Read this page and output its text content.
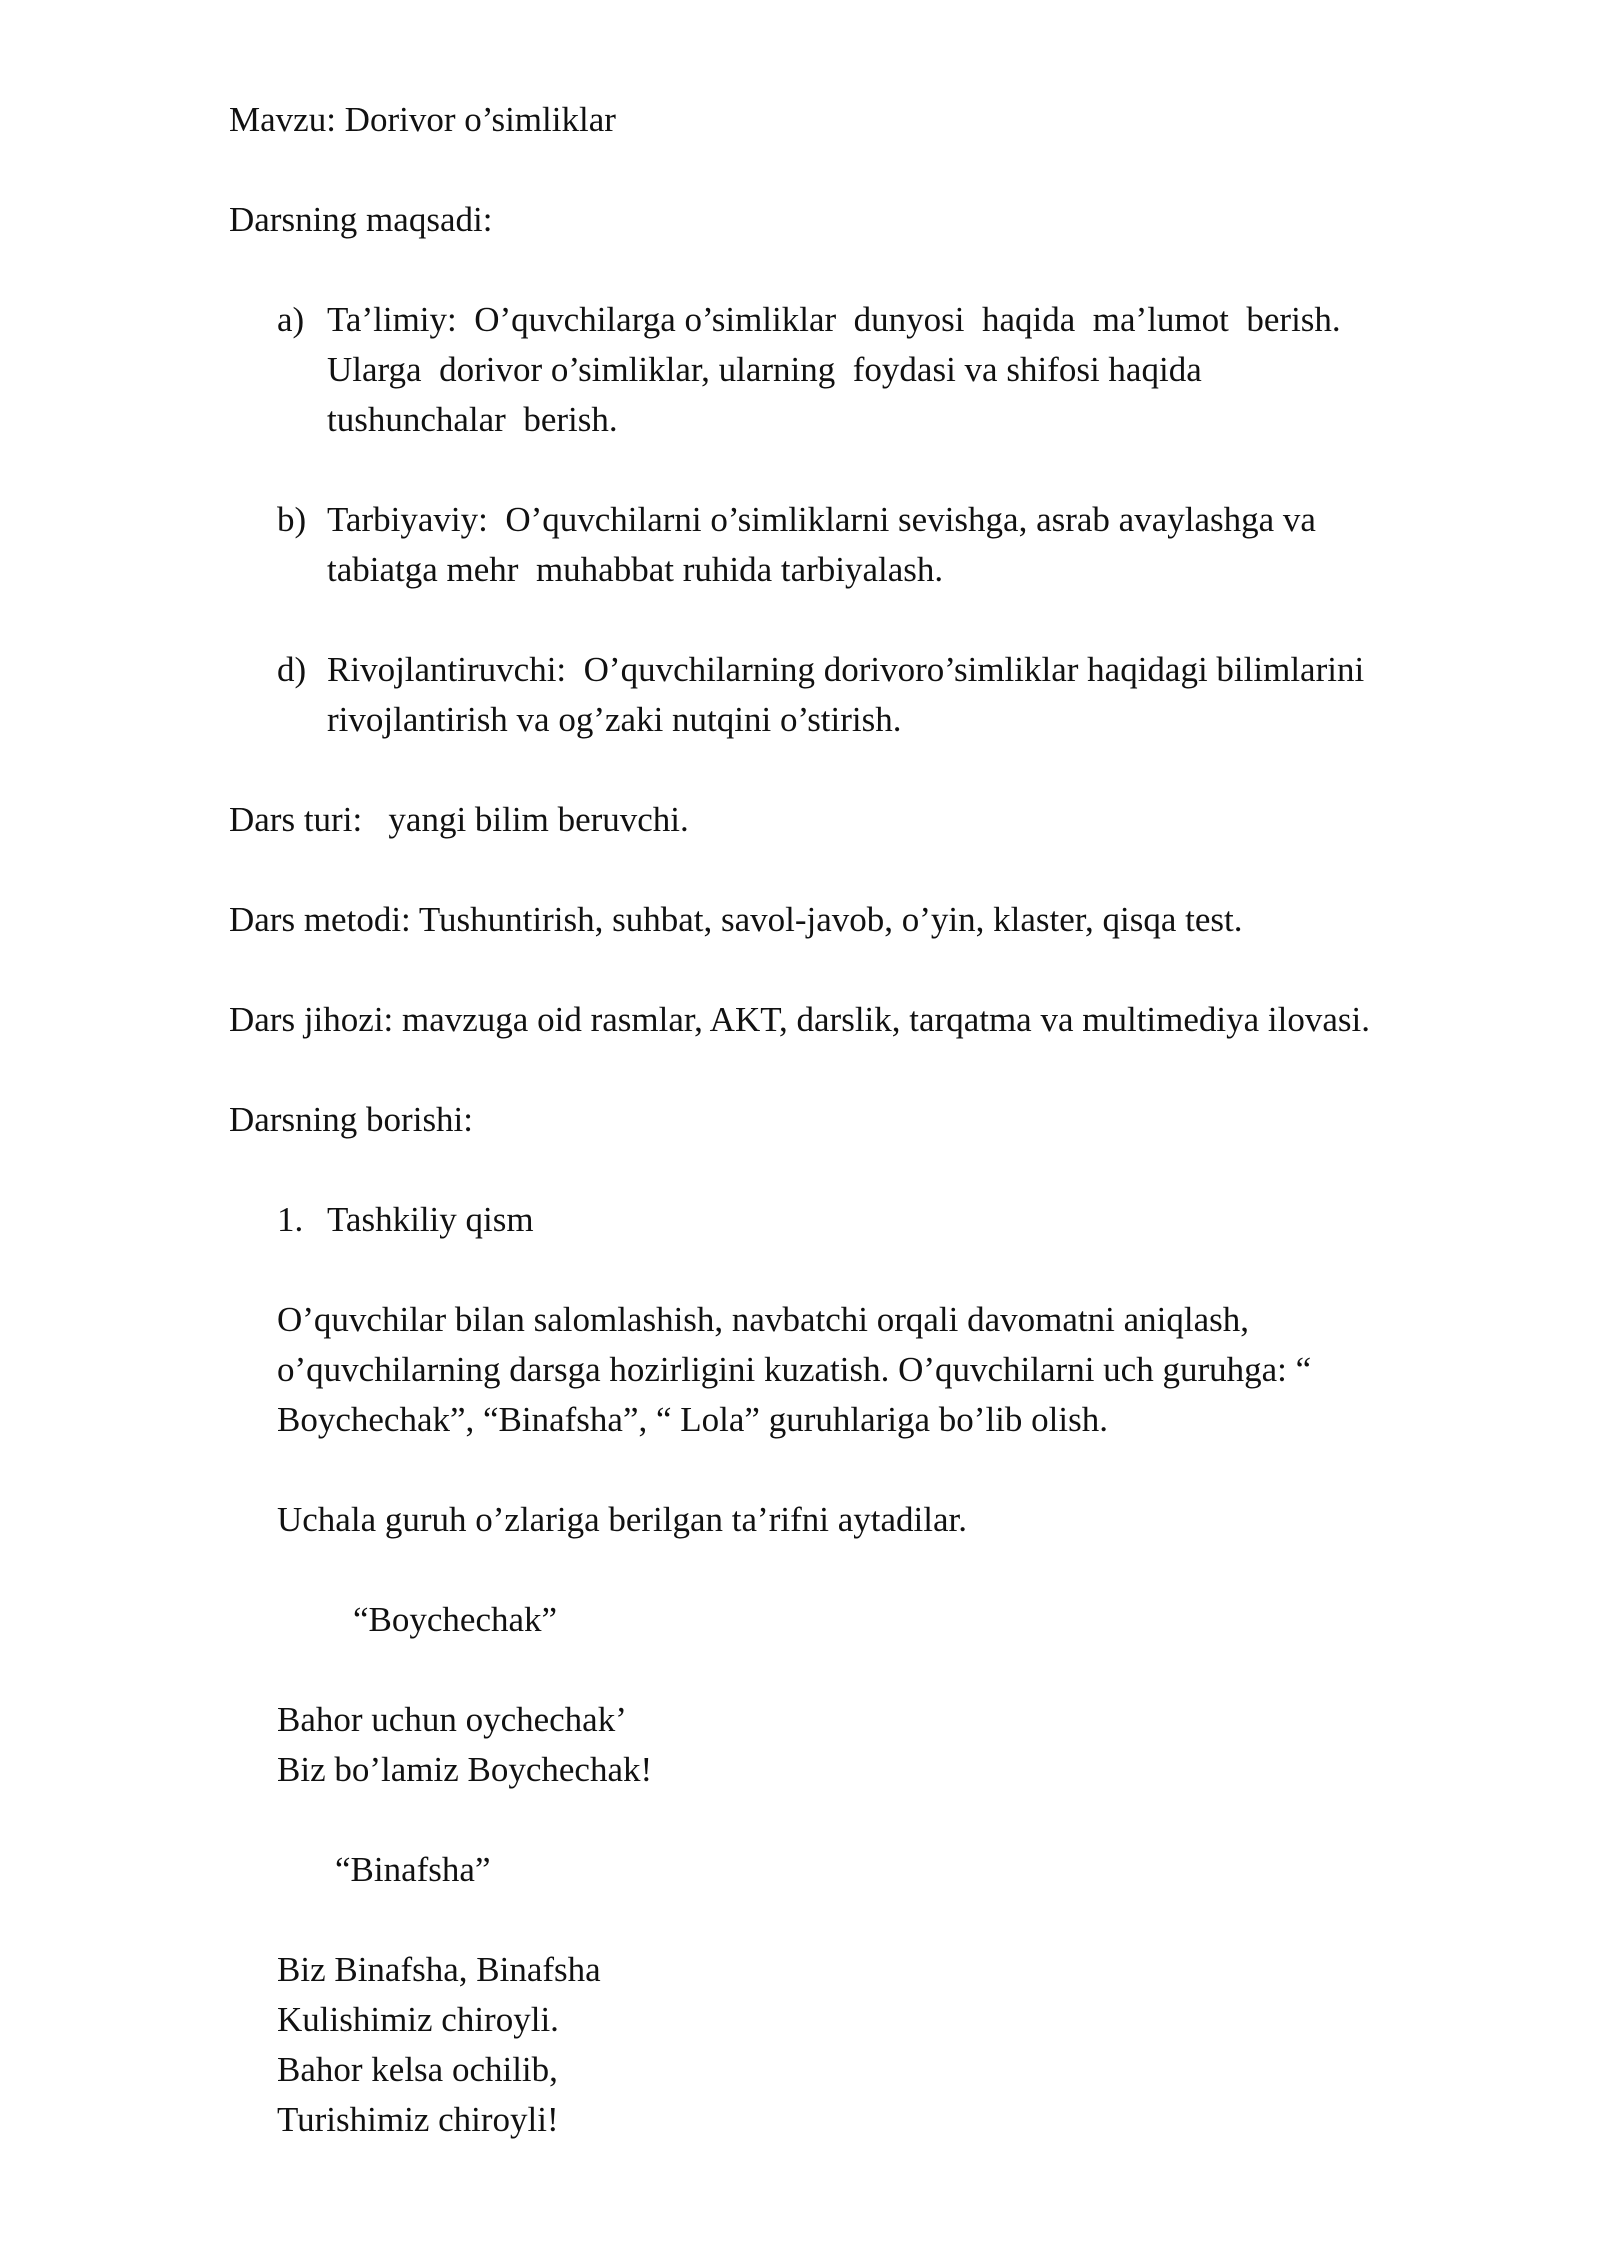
Mavzu: Dorivor o’simliklar
Darsning maqsadi:
a) Ta’limiy:  O’quvchilarga o’simliklar  dunyosi  haqida  ma’lumot  berish.
Ularga  dorivor o’simliklar, ularning  foydasi va shifosi haqida
tushunchalar  berish.
b) Tarbiyaviy:  O’quvchilarni o’simliklarni sevishga, asrab avaylashga va
tabiatga mehr  muhabbat ruhida tarbiyalash.
d) Rivojlantiruvchi:  O’quvchilarning dorivoro’simliklar haqidagi bilimlarini
rivojlantirish va og’zaki nutqini o’stirish.
Dars turi:   yangi bilim beruvchi.
Dars metodi: Tushuntirish, suhbat, savol-javob, o’yin, klaster, qisqa test.
Dars jihozi: mavzuga oid rasmlar, AKT, darslik, tarqatma va multimediya ilovasi.
Darsning borishi:
1. Tashkiliy qism
O’quvchilar bilan salomlashish, navbatchi orqali davomatni aniqlash,
o’quvchilarning darsga hozirligini kuzatish. O’quvchilarni uch guruhga: “
Boychechak”, “Binafsha”, “ Lola” guruhlariga bo’lib olish.
Uchala guruh o’zlariga berilgan ta’rifni aytadilar.
“Boychechak”
Bahor uchun oychechak’
Biz bo’lamiz Boychechak!
“Binafsha”
Biz Binafsha, Binafsha
Kulishimiz chiroyli.
Bahor kelsa ochilib,
Turishimiz chiroyli!
